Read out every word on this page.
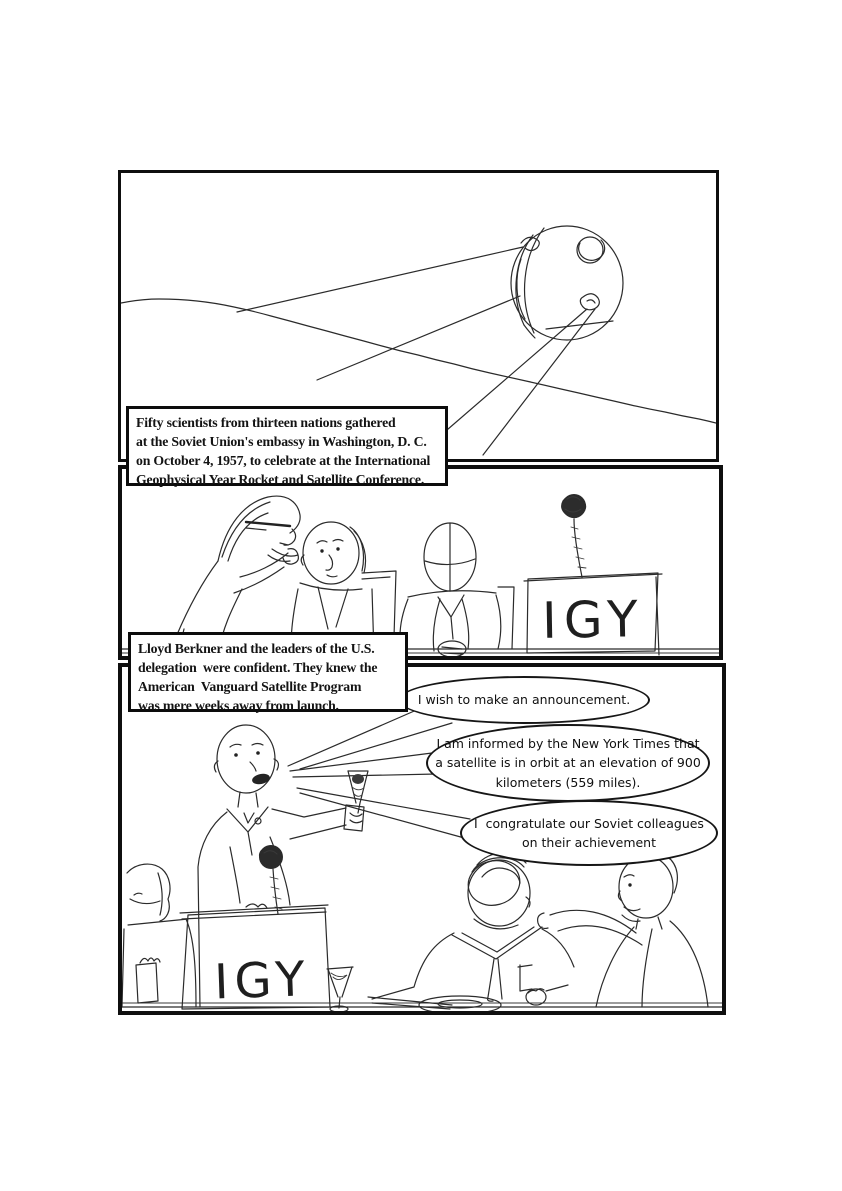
IGY
IGY
Fifty scientists from thirteen nations gathered
at the Soviet Union's embassy in Washington, D. C.
on October 4, 1957, to celebrate at the International
Geophysical Year Rocket and Satellite Conference.
Lloyd Berkner and the leaders of the U.S.
delegation  were confident. They knew the
American  Vanguard Satellite Program
was mere weeks away from launch.	I wish to make an announcement.
I am informed by the New York Times that
a satellite is in orbit at an elevation of 900
kilometers (559 miles).
I  congratulate our Soviet colleagues
on their achievement
